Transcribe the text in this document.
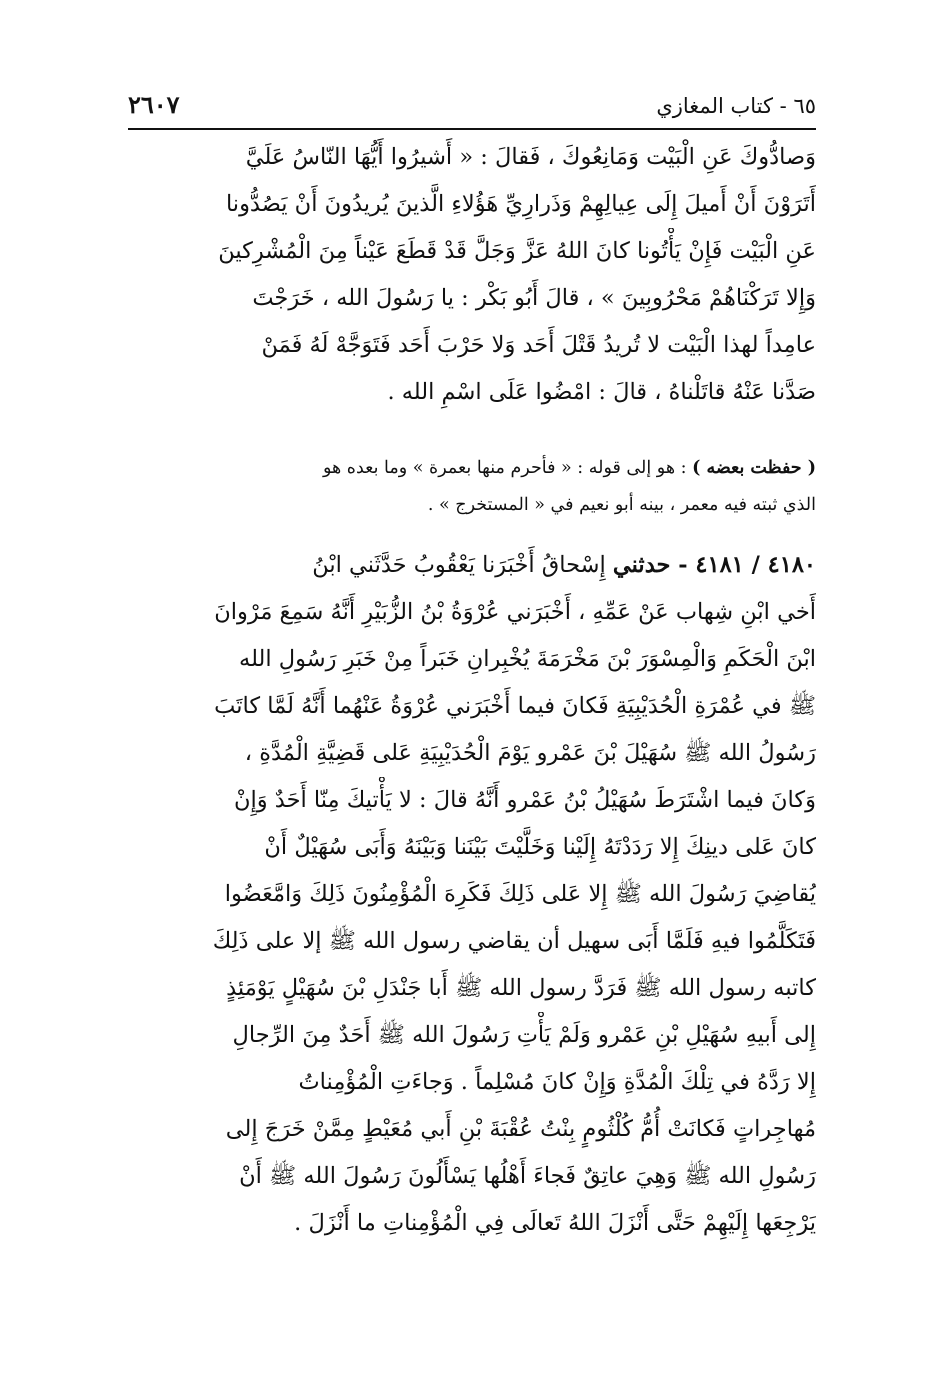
٦٥ - كتاب المغازي
٢٦٠٧
وَصادُّوكَ عَنِ الْبَيْت وَمَانِعُوكَ ، فَقالَ : « أَشيرُوا أَيُّهَا النّاسُ عَلَيَّ
أَتَرَوْنَ أَنْ أَميلَ إِلَى عِيالِهِمْ وَذَرارِيِّ هَؤُلاءِ الَّذينَ يُريدُونَ أَنْ يَصُدُّونا
عَنِ الْبَيْت فَإِنْ يَأْتُونا كانَ اللهُ عَزَّ وَجَلَّ قَدْ قَطَعَ عَيْناً مِنَ الْمُشْرِكينَ
وَإِلا تَرَكْنَاهُمْ مَحْرُوبِينَ » ، قالَ أَبُو بَكْر : يا رَسُولَ الله ، خَرَجْتَ
عامِداً لهذا الْبَيْت لا تُريدُ قَتْلَ أَحَد وَلا حَرْبَ أَحَد فَتَوَجَّهْ لَهُ فَمَنْ
صَدَّنا عَنْهُ قاتَلْناهُ ، قالَ : امْضُوا عَلَى اسْمِ الله .
( حفظت بعضه ) : هو إلى قوله : « فأحرم منها بعمرة » وما بعده هو
الذي ثبته فيه معمر ، بينه أبو نعيم في « المستخرج » .
٤١٨٠ / ٤١٨١ - حدثني إِسْحاقُ أَخْبَرَنا يَعْقُوبُ حَدَّثَني ابْنُ
أَخي ابْنِ شِهاب عَنْ عَمِّهِ ، أَخْبَرَني عُرْوَةُ بْنُ الزُّبَيْرِ أَنَّهُ سَمِعَ مَرْوانَ
ابْنَ الْحَكَمِ وَالْمِسْوَرَ بْنَ مَخْرَمَةَ يُخْبِرانِ خَبَراً مِنْ خَبَرِ رَسُولِ الله
ﷺ في عُمْرَةِ الْحُدَيْبِيَةِ فَكانَ فيما أَخْبَرَني عُرْوَةُ عَنْهُما أَنَّهُ لَمَّا كاتَبَ
رَسُولُ الله ﷺ سُهَيْلَ بْنَ عَمْرو يَوْمَ الْحُدَيْبِيَةِ عَلى قَضِيَّةِ الْمُدَّةِ ،
وَكانَ فيما اشْتَرَطَ سُهَيْلُ بْنُ عَمْرو أَنَّهُ قالَ : لا يَأْتيكَ مِنّا أَحَدٌ وَإِنْ
كانَ عَلى دينِكَ إِلا رَدَدْتَهُ إِلَيْنا وَخَلَّيْتَ بَيْنَنا وَبَيْنَهُ وَأَبَى سُهَيْلٌ أَنْ
يُقاضِيَ رَسُولَ الله ﷺ إِلا عَلى ذَلِكَ فَكَرِهَ الْمُؤْمِنُونَ ذَلِكَ وَامَّعَضُوا
فَتَكَلَّمُوا فيهِ فَلَمَّا أَبَى سهيل أن يقاضي رسول الله ﷺ إلا على ذَلِكَ
كاتبه رسول الله ﷺ فَرَدَّ رسول الله ﷺ أَبا جَنْدَلِ بْنَ سُهَيْلٍ يَوْمَئِذٍ
إِلى أَبيهِ سُهَيْلِ بْنِ عَمْرو وَلَمْ يَأْتِ رَسُولَ الله ﷺ أَحَدٌ مِنَ الرِّجالِ
إِلا رَدَّهُ في تِلْكَ الْمُدَّةِ وَإِنْ كانَ مُسْلِماً . وَجاءَتِ الْمُؤْمِناتُ
مُهاجِراتٍ فَكانَتْ أُمُّ كُلْثُومٍ بِنْتُ عُقْبَةَ بْنِ أَبي مُعَيْطٍ مِمَّنْ خَرَجَ إِلى
رَسُولِ الله ﷺ وَهِيَ عاتِقٌ فَجاءَ أَهْلُها يَسْأَلُونَ رَسُولَ الله ﷺ أَنْ
يَرْجِعَها إِلَيْهِمْ حَتَّى أَنْزَلَ اللهُ تَعالَى فِي الْمُؤْمِناتِ ما أَنْزَلَ .
